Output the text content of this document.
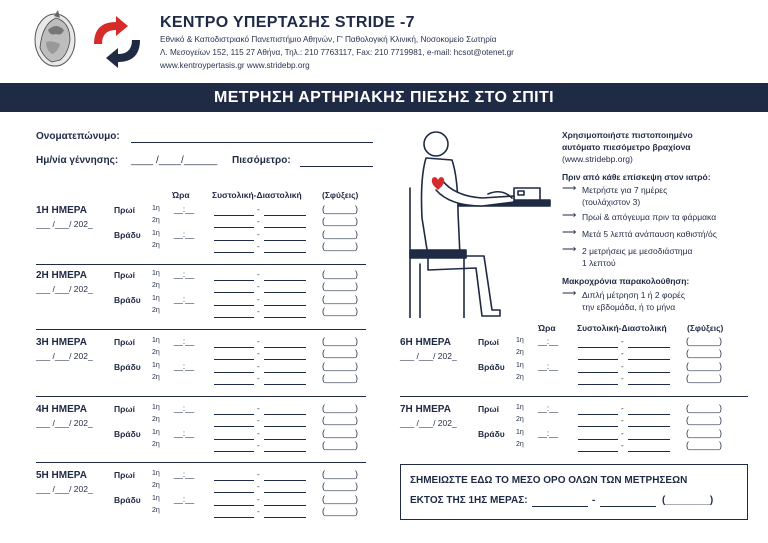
ΚΕΝΤΡΟ ΥΠΕΡΤΑΣΗΣ STRIDE -7
Εθνικό & Καποδιστριακό Πανεπιστήμιο Αθηνών, Γ' Παθολογική Κλινική, Νοσοκομείο Σωτηρία
Λ. Μεσογείων 152, 115 27 Αθήνα, Τηλ.: 210 7763117, Fax: 210 7719981, e-mail: hcsot@otenet.gr
www.kentroypertasis.gr www.stridebp.org
ΜΕΤΡΗΣΗ ΑΡΤΗΡΙΑΚΗΣ ΠΙΕΣΗΣ ΣΤΟ ΣΠΙΤΙ
Ονοματεπώνυμο:
Ημ/νία γέννησης: ____ /____/______ Πιεσόμετρο:
Ώρα	Συστολική-Διαστολική (Σφύξεις)
Ώρα	Συστολική-Διαστολική (Σφύξεις)
1Η ΗΜΕΡΑ
___ /___/ 202_
Πρωί 1η __:__	-	(______)
2η	-	(______)
Βράδυ 1η __:__	-	(______)
2η	-	(______)
2Η ΗΜΕΡΑ
___ /___/ 202_
Πρωί 1η __:__	-	(______)
2η	-	(______)
Βράδυ 1η __:__	-	(______)
2η	-	(______)
3Η ΗΜΕΡΑ
___ /___/ 202_
Πρωί 1η __:__	-	(______)
2η	-	(______)
Βράδυ 1η __:__	-	(______)
2η	-	(______)
4Η ΗΜΕΡΑ
___ /___/ 202_
Πρωί 1η __:__	-	(______)
2η	-	(______)
Βράδυ 1η __:__	-	(______)
2η	-	(______)
5Η ΗΜΕΡΑ
___ /___/ 202_
Πρωί 1η __:__	-	(______)
2η	-	(______)
Βράδυ 1η __:__	-	(______)
2η	-	(______)
6Η ΗΜΕΡΑ
___ /___/ 202_
Πρωί 1η __:__	-	(______)
2η	-	(______)
Βράδυ 1η __:__	-	(______)
2η	-	(______)
7Η ΗΜΕΡΑ
___ /___/ 202_
Πρωί 1η __:__	-	(______)
2η	-	(______)
Βράδυ 1η __:__	-	(______)
2η	-	(______)
Χρησιμοποιήστε πιστοποιημένο
αυτόματο πιεσόμετρο βραχίονα
(www.stridebp.org)
Πριν από κάθε επίσκεψη στον ιατρό:
⟶ Μετρήστε για 7 ημέρες
(τουλάχιστον 3)
⟶ Πρωί & απόγευμα πριν τα φάρμακα
⟶ Μετά 5 λεπτά ανάπαυση καθιστή/ός
⟶ 2 μετρήσεις με μεσοδιάστημα
1 λεπτού
Μακροχρόνια παρακολούθηση:
⟶ Διπλή μέτρηση 1 ή 2 φορές
την εβδομάδα, ή το μήνα
ΣΗΜΕΙΩΣΤΕ ΕΔΩ ΤΟ ΜΕΣΟ ΟΡΟ ΟΛΩΝ ΤΩΝ ΜΕΤΡΗΣΕΩΝ
ΕΚΤΟΣ ΤΗΣ 1ΗΣ ΜΕΡΑΣ:	-	(________)
